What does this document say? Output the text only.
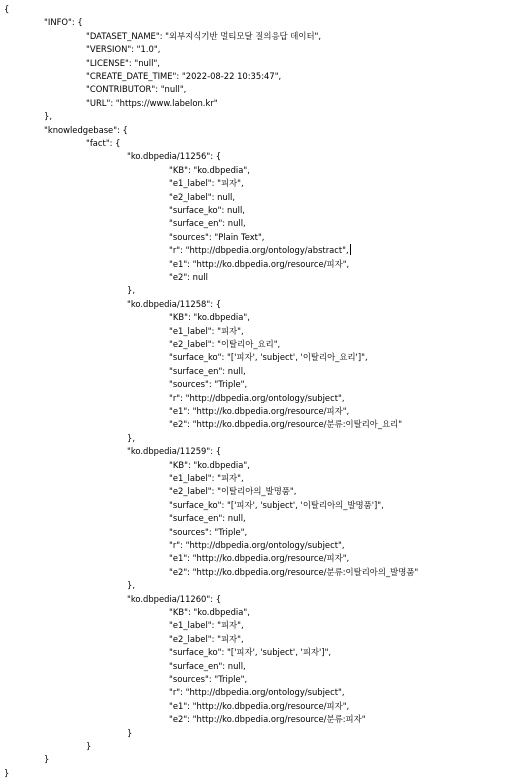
{
"INFO": {
"DATASET_NAME": "외부지식기반 멀티모달 질의응답 데이터",
"VERSION": "1.0",
"LICENSE": "null",
"CREATE_DATE_TIME": "2022-08-22 10:35:47",
"CONTRIBUTOR": "null",
"URL": "https://www.labelon.kr"
},
"knowledgebase": {
"fact": {
"ko.dbpedia/11256": {
"KB": "ko.dbpedia",
"e1_label": "피자",
"e2_label": null,
"surface_ko": null,
"surface_en": null,
"sources": "Plain Text",
"r": "http://dbpedia.org/ontology/abstract",
"e1": "http://ko.dbpedia.org/resource/피자",
"e2": null
},
"ko.dbpedia/11258": {
"KB": "ko.dbpedia",
"e1_label": "피자",
"e2_label": "이탈리아_요리",
"surface_ko": "['피자', 'subject', '이탈리아_요리']",
"surface_en": null,
"sources": "Triple",
"r": "http://dbpedia.org/ontology/subject",
"e1": "http://ko.dbpedia.org/resource/피자",
"e2": "http://ko.dbpedia.org/resource/분류:이탈리아_요리"
},
"ko.dbpedia/11259": {
"KB": "ko.dbpedia",
"e1_label": "피자",
"e2_label": "이탈리아의_발명품",
"surface_ko": "['피자', 'subject', '이탈리아의_발명품']",
"surface_en": null,
"sources": "Triple",
"r": "http://dbpedia.org/ontology/subject",
"e1": "http://ko.dbpedia.org/resource/피자",
"e2": "http://ko.dbpedia.org/resource/분류:이탈리아의_발명품"
},
"ko.dbpedia/11260": {
"KB": "ko.dbpedia",
"e1_label": "피자",
"e2_label": "피자",
"surface_ko": "['피자', 'subject', '피자']",
"surface_en": null,
"sources": "Triple",
"r": "http://dbpedia.org/ontology/subject",
"e1": "http://ko.dbpedia.org/resource/피자",
"e2": "http://ko.dbpedia.org/resource/분류:피자"
}
}
}
}
